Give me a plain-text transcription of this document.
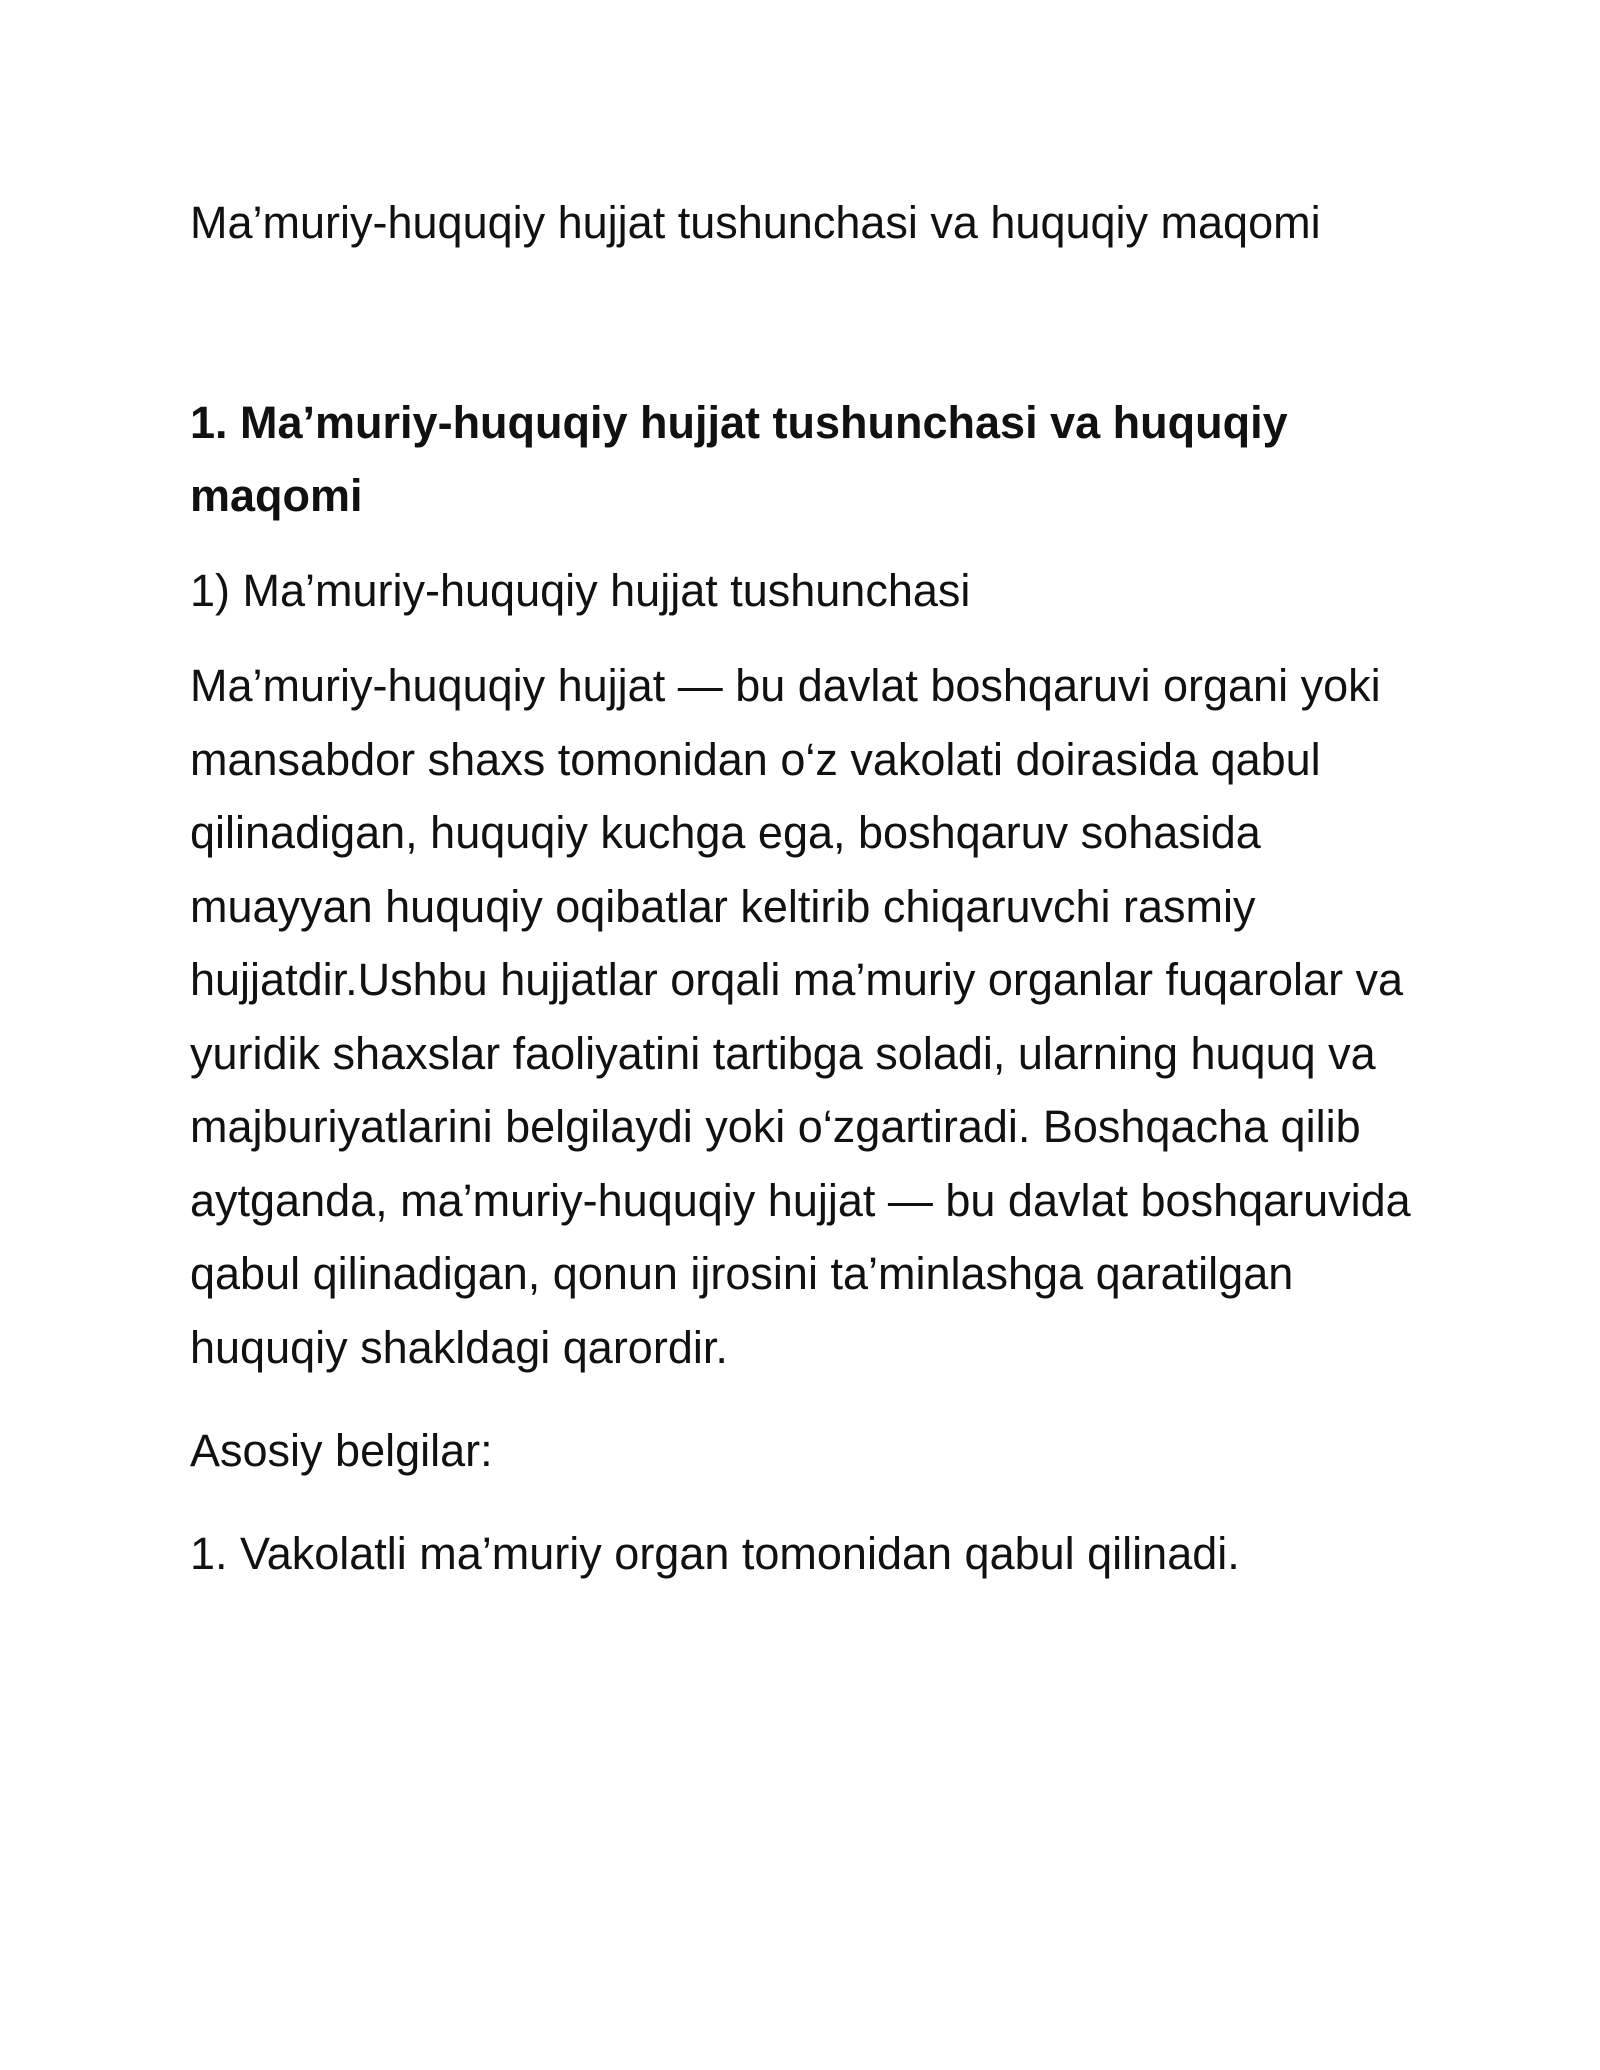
Ma’muriy-huquqiy hujjat tushunchasi va huquqiy maqomi

1. Ma’muriy-huquqiy hujjat tushunchasi va huquqiy maqomi

1) Ma’muriy-huquqiy hujjat tushunchasi

Ma’muriy-huquqiy hujjat — bu davlat boshqaruvi organi yoki mansabdor shaxs tomonidan o‘z vakolati doirasida qabul qilinadigan, huquqiy kuchga ega, boshqaruv sohasida muayyan huquqiy oqibatlar keltirib chiqaruvchi rasmiy hujjatdir.Ushbu hujjatlar orqali ma’muriy organlar fuqarolar va yuridik shaxslar faoliyatini tartibga soladi, ularning huquq va majburiyatlarini belgilaydi yoki o‘zgartiradi. Boshqacha qilib aytganda, ma’muriy-huquqiy hujjat — bu davlat boshqaruvida qabul qilinadigan, qonun ijrosini ta’minlashga qaratilgan huquqiy shakldagi qarordir.

Asosiy belgilar:

1. Vakolatli ma’muriy organ tomonidan qabul qilinadi.
